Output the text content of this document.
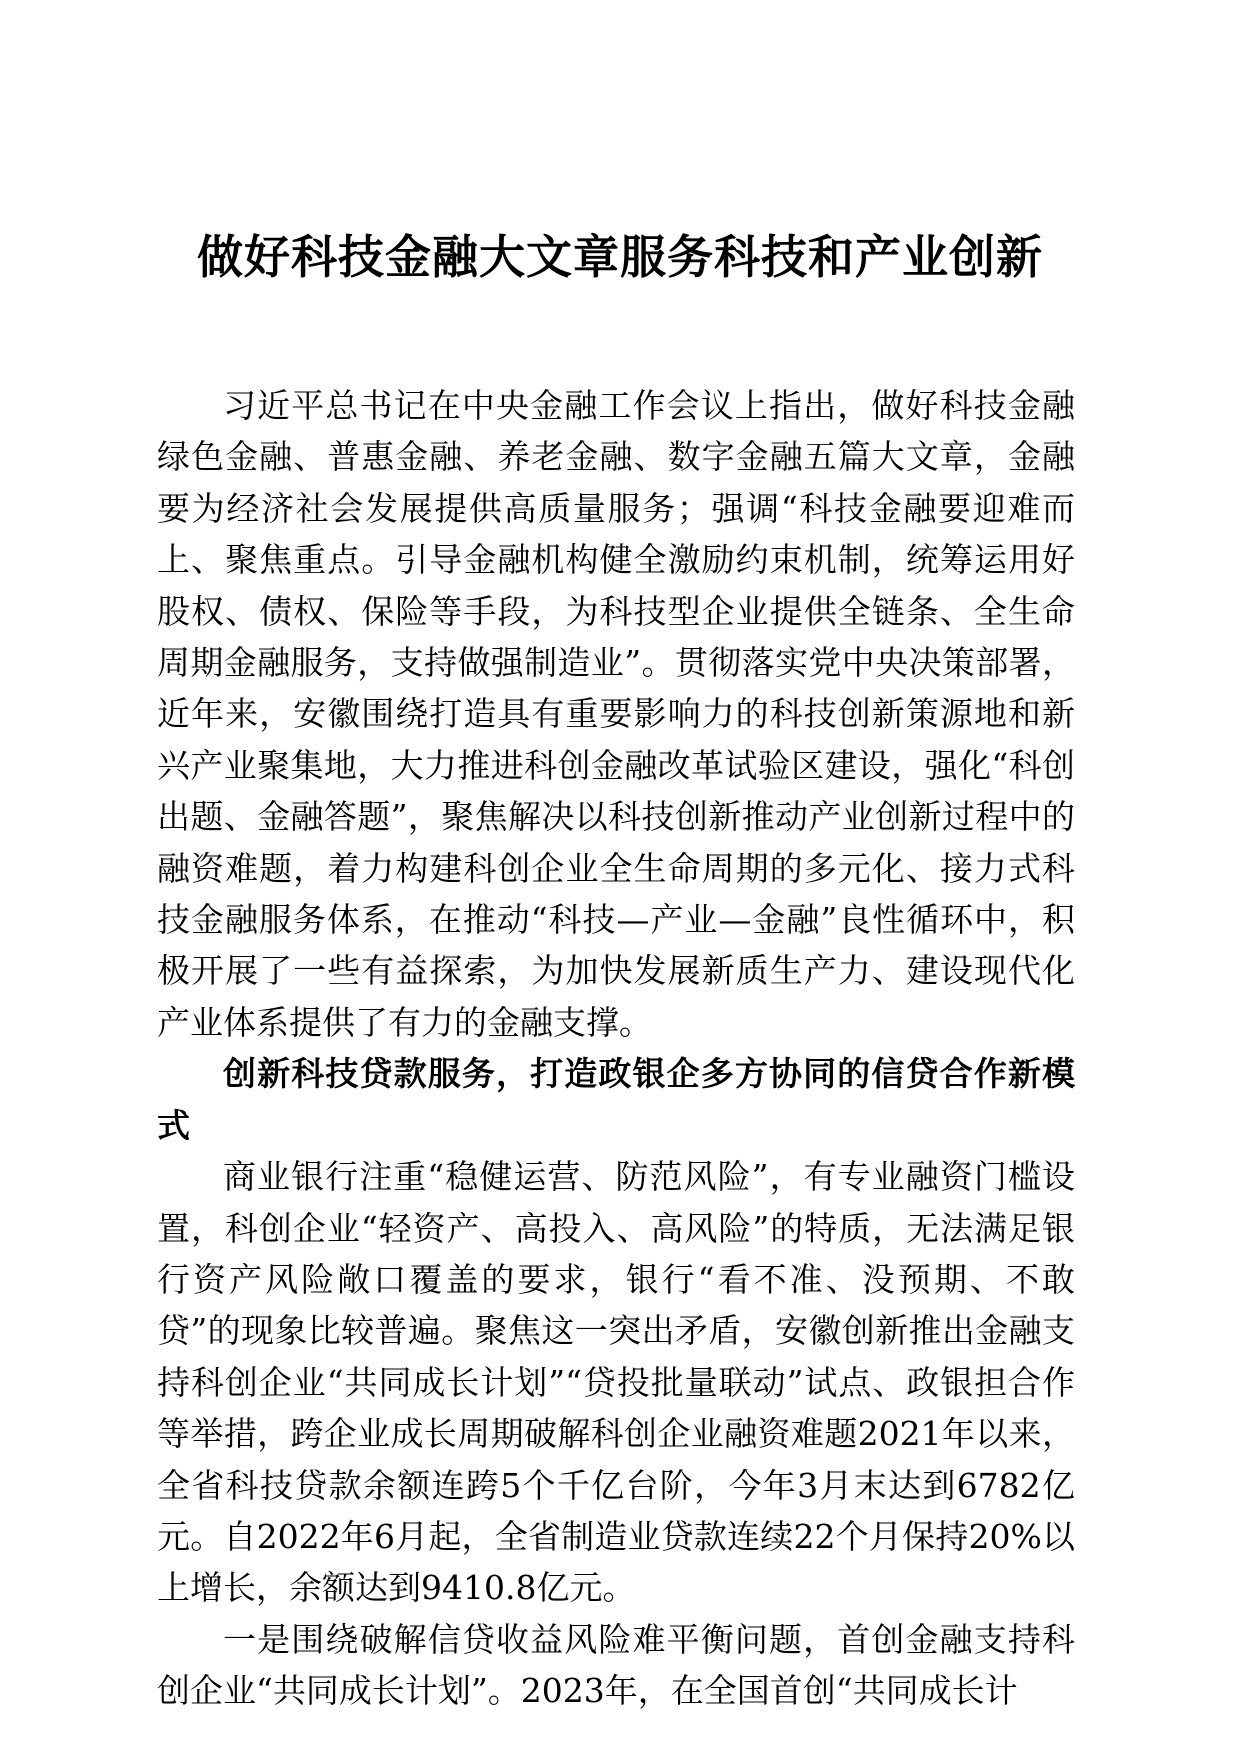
做好科技金融大文章服务科技和产业创新

习近平总书记在中央金融工作会议上指出，做好科技金融绿色金融、普惠金融、养老金融、数字金融五篇大文章，金融要为经济社会发展提供高质量服务；强调“科技金融要迎难而上、聚焦重点。引导金融机构健全激励约束机制，统筹运用好股权、债权、保险等手段，为科技型企业提供全链条、全生命周期金融服务，支持做强制造业”。贯彻落实党中央决策部署，近年来，安徽围绕打造具有重要影响力的科技创新策源地和新兴产业聚集地，大力推进科创金融改革试验区建设，强化“科创出题、金融答题”，聚焦解决以科技创新推动产业创新过程中的融资难题，着力构建科创企业全生命周期的多元化、接力式科技金融服务体系，在推动“科技—产业—金融”良性循环中，积极开展了一些有益探索，为加快发展新质生产力、建设现代化产业体系提供了有力的金融支撑。

创新科技贷款服务，打造政银企多方协同的信贷合作新模式

商业银行注重“稳健运营、防范风险”，有专业融资门槛设置，科创企业“轻资产、高投入、高风险”的特质，无法满足银行资产风险敞口覆盖的要求，银行“看不准、没预期、不敢贷”的现象比较普遍。聚焦这一突出矛盾，安徽创新推出金融支持科创企业“共同成长计划”“贷投批量联动”试点、政银担合作等举措，跨企业成长周期破解科创企业融资难题2021年以来，全省科技贷款余额连跨5个千亿台阶，今年3月末达到6782亿元。自2022年6月起，全省制造业贷款连续22个月保持20%以上增长，余额达到9410.8亿元。

一是围绕破解信贷收益风险难平衡问题，首创金融支持科创企业“共同成长计划”。2023年，在全国首创“共同成长计
